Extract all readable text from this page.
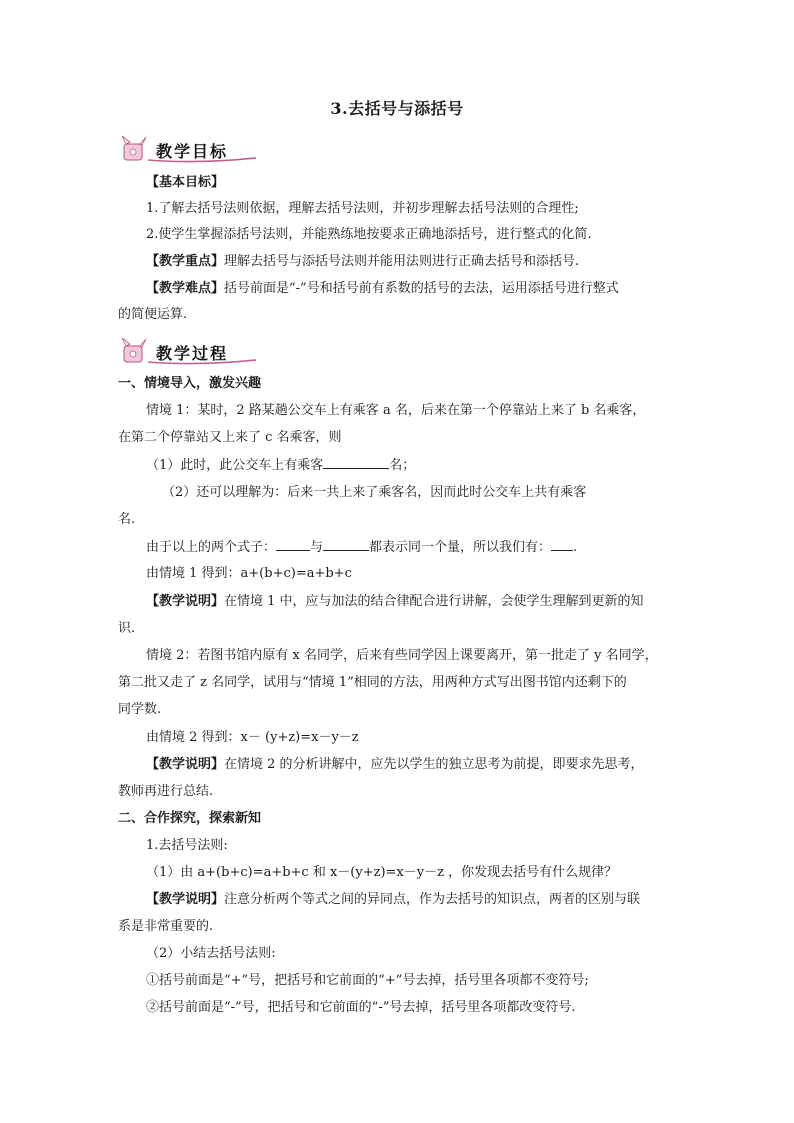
3.去括号与添括号
教学目标
【基本目标】
1.了解去括号法则依据，理解去括号法则，并初步理解去括号法则的合理性;
2.使学生掌握添括号法则，并能熟练地按要求正确地添括号，进行整式的化简.
【教学重点】理解去括号与添括号法则并能用法则进行正确去括号和添括号.
【教学难点】括号前面是“-”号和括号前有系数的括号的去法，运用添括号进行整式
的简便运算.
教学过程
一、情境导入，激发兴趣
情境 1：某时，2 路某趟公交车上有乘客 a 名，后来在第一个停靠站上来了 b 名乘客，
在第二个停靠站又上来了 c 名乘客，则
（1）此时，此公交车上有乘客	名；
（2）还可以理解为：后来一共上来了乘客名，因而此时公交车上共有乘客
名.
由于以上的两个式子：	与	都表示同一个量，所以我们有： .
由情境 1 得到：a+(b+c)=a+b+c
【教学说明】在情境 1 中，应与加法的结合律配合进行讲解，会使学生理解到更新的知
识.
情境 2：若图书馆内原有 x 名同学，后来有些同学因上课要离开，第一批走了 y 名同学，
第二批又走了 z 名同学，试用与“情境 1”相同的方法，用两种方式写出图书馆内还剩下的
同学数.
由情境 2 得到：x－ (y+z)=x－y－z
【教学说明】在情境 2 的分析讲解中，应先以学生的独立思考为前提，即要求先思考，
教师再进行总结.
二、合作探究，探索新知
1.去括号法则:
（1）由 a+(b+c)=a+b+c 和 x－(y+z)=x－y－z ，你发现去括号有什么规律？
【教学说明】注意分析两个等式之间的异同点，作为去括号的知识点，两者的区别与联
系是非常重要的.
（2）小结去括号法则:
①括号前面是“+”号，把括号和它前面的“+”号去掉，括号里各项都不变符号;
②括号前面是“-”号，把括号和它前面的“-”号去掉，括号里各项都改变符号.
